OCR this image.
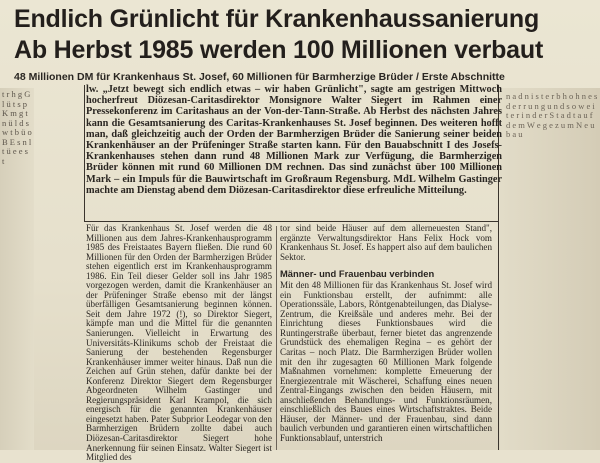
t r h g G l ü t s p K m g t n ü l d s w t b ü o B E s n l t ü e e s t
n a d n i s t e r b h o h n e s d e r r u n g u n d s o w e i t e r i n d e r S t a d t a u f d e m W e g e z u m N e u b a u
Endlich Grünlicht für Krankenhaussanierung
Ab Herbst 1985 werden 100 Millionen verbaut
48 Millionen DM für Krankenhaus St. Josef, 60 Millionen für Barmherzige Brüder / Erste Abschnitte
lw. „Jetzt bewegt sich endlich etwas – wir haben Grünlicht", sagte am gestrigen Mittwoch hocherfreut Diözesan-Caritasdirektor Monsignore Walter Siegert im Rahmen einer Pressekonferenz im Caritashaus an der Von-der-Tann-Straße. Ab Herbst des nächsten Jahres kann die Gesamtsanierung des Caritas-Krankenhauses St. Josef beginnen. Des weiteren hofft man, daß gleichzeitig auch der Orden der Barmherzigen Brüder die Sanierung seiner beiden Krankenhäuser an der Prüfeninger Straße starten kann. Für den Bauabschnitt I des Josefs-Krankenhauses stehen dann rund 48 Millionen Mark zur Verfügung, die Barmherzigen Brüder können mit rund 60 Millionen DM rechnen. Das sind zunächst über 100 Millionen Mark – ein Impuls für die Bauwirtschaft im Großraum Regensburg. MdL Wilhelm Gastinger machte am Dienstag abend dem Diözesan-Caritasdirektor diese erfreuliche Mitteilung.
Für das Krankenhaus St. Josef werden die 48 Millionen aus dem Jahres-Krankenhausprogramm 1985 des Freistaates Bayern fließen. Die rund 60 Millionen für den Orden der Barmherzigen Brüder stehen eigentlich erst im Krankenhausprogramm 1986. Ein Teil dieser Gelder soll ins Jahr 1985 vorgezogen werden, damit die Krankenhäuser an der Prüfeninger Straße ebenso mit der längst überfälligen Gesamtsanierung beginnen können. Seit dem Jahre 1972 (!), so Direktor Siegert, kämpfe man und die Mittel für die genannten Sanierungen. Vielleicht in Erwartung des Universitäts-Klinikums schob der Freistaat die Sanierung der bestehenden Regensburger Krankenhäuser immer weiter hinaus. Daß nun die Zeichen auf Grün stehen, dafür dankte bei der Konferenz Direktor Siegert dem Regensburger Abgeordneten Wilhelm Gastinger und Regierungspräsident Karl Krampol, die sich energisch für die genannten Krankenhäuser eingesetzt haben. Pater Subprior Leodegar von den Barmherzigen Brüdern zollte dabei auch Diözesan-Caritasdirektor Siegert hohe Anerkennung für seinen Einsatz. Walter Siegert ist Mitglied des

tor sind beide Häuser auf dem allerneuesten Stand", ergänzte Verwaltungsdirektor Hans Felix Hock vom Krankenhaus St. Josef. Es happert also auf dem baulichen Sektor.

Männer- und Frauenbau verbinden

Mit den 48 Millionen für das Krankenhaus St. Josef wird ein Funktionsbau erstellt, der aufnimmt: alle Operationssäle, Labors, Röntgenabteilungen, das Dialyse-Zentrum, die Kreißsäle und anderes mehr. Bei der Einrichtung dieses Funktionsbaues wird die Runtingerstraße überbaut, ferner bietet das angrenzende Grundstück des ehemaligen Regina – es gehört der Caritas – noch Platz. Die Barmherzigen Brüder wollen mit den ihr zugesagten 60 Millionen Mark folgende Maßnahmen vornehmen: komplette Erneuerung der Energiezentrale mit Wäscherei, Schaffung eines neuen Zentral-Eingangs zwischen den beiden Häusern, mit anschließenden Behandlungs- und Funktionsräumen, einschließlich des Baues eines Wirtschaftstraktes. Beide Häuser, der Männer- und der Frauenbau, sind dann baulich verbunden und garantieren einen wirtschaftlichen Funktionsablauf, unterstrich
